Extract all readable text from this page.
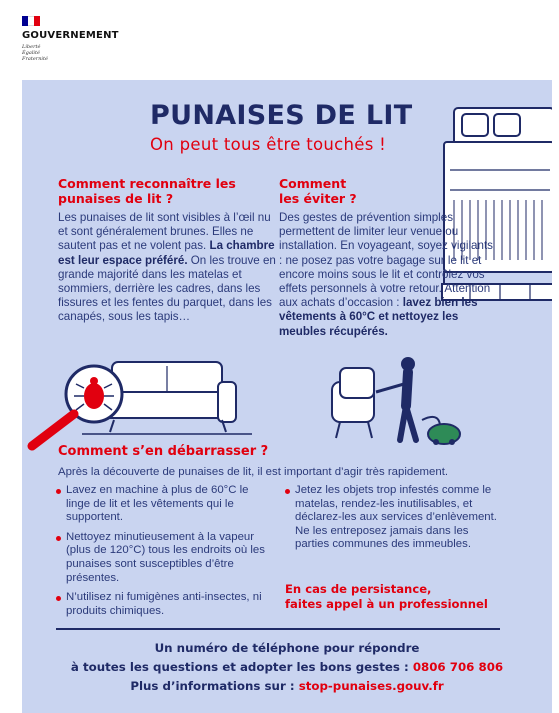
GOUVERNEMENT
Liberté
Égalité
Fraternité
PUNAISES DE LIT
On peut tous être touchés !
Comment reconnaître les punaises de lit ?
Les punaises de lit sont visibles à l’œil nu et sont généralement brunes. Elles ne sautent pas et ne volent pas. La chambre est leur espace préféré. On les trouve en grande majorité dans les matelas et sommiers, derrière les cadres, dans les fissures et les fentes du parquet, dans les canapés, sous les tapis…
Comment
les éviter ?
Des gestes de prévention simples permettent de limiter leur venue ou installation. En voyageant, soyez vigilants : ne posez pas votre bagage sur le lit et encore moins sous le lit et contrôlez vos effets personnels à votre retour. Attention aux achats d’occasion : lavez bien les vêtements à 60°C et nettoyez les meubles récupérés.
Comment s’en débarrasser ?
Après la découverte de punaises de lit, il est important d’agir très rapidement.
Lavez en machine à plus de 60°C le linge de lit et les vêtements qui le supportent.
Nettoyez minutieusement à la vapeur (plus de 120°C) tous les endroits où les punaises sont susceptibles d’être présentes.
N’utilisez ni fumigènes anti-insectes, ni produits chimiques.
Jetez les objets trop infestés comme le matelas, rendez-les inutilisables, et déclarez-les aux services d’enlèvement. Ne les entreposez jamais dans les parties communes des immeubles.
En cas de persistance,
faites appel à un professionnel
Un numéro de téléphone pour répondre
à toutes les questions et adopter les bons gestes : 0806 706 806
Plus d’informations sur : stop-punaises.gouv.fr
